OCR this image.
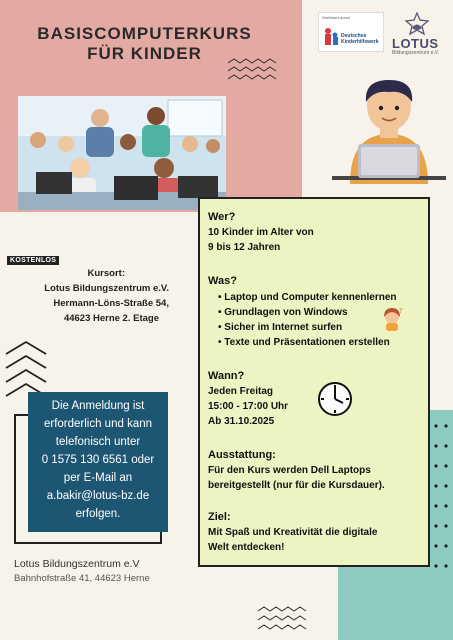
BASISCOMPUTERKURS
FÜR KINDER
Gefördert durch
Deutsches
Kinderhilfswerk	LOTUS
Bildungszentrum e.V.
KOSTENLOS
Kursort:
Lotus Bildungszentrum e.V.
Hermann-Löns-Straße 54,
44623 Herne 2. Etage
Die Anmeldung ist
erforderlich und kann
telefonisch unter
0 1575 130 6561 oder
per E-Mail an
a.bakir@lotus-bz.de
erfolgen.
Wer?
10 Kinder im Alter von
9 bis 12 Jahren
Was?
• Laptop und Computer kennenlernen
• Grundlagen von Windows
• Sicher im Internet surfen
• Texte und Präsentationen erstellen
?
Wann?
Jeden Freitag
15:00 - 17:00 Uhr
Ab 31.10.2025
Ausstattung:
Für den Kurs werden Dell Laptops
bereitgestellt (nur für die Kursdauer).
Ziel:
Mit Spaß und Kreativität die digitale
Welt entdecken!
Lotus Bildungszentrum e.V
Bahnhofstraße 41, 44623 Herne
